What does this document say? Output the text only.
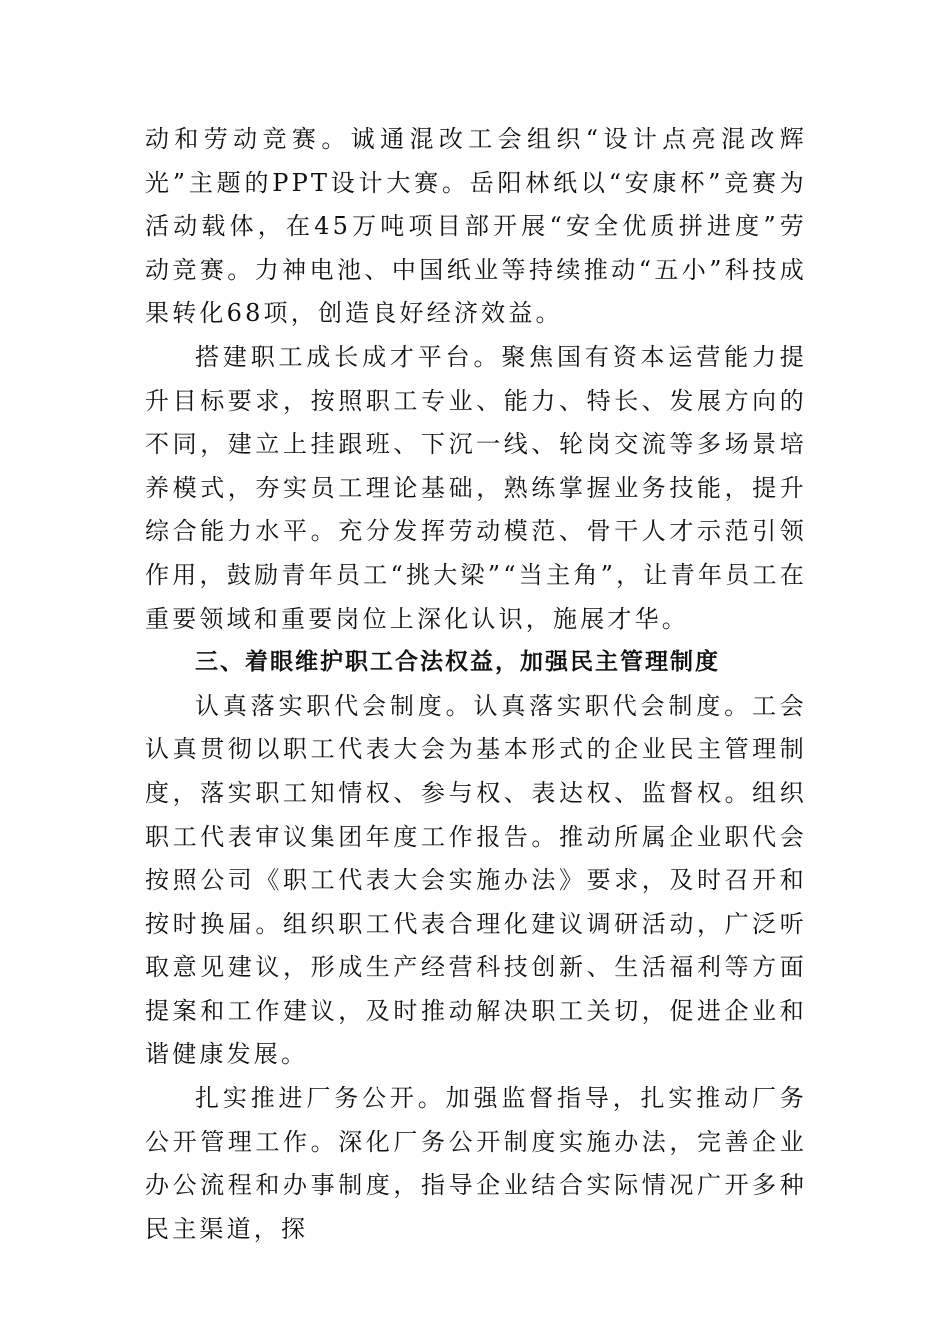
动和劳动竞赛。诚通混改工会组织“设计点亮混改辉光”主题的PPT设计大赛。岳阳林纸以“安康杯”竞赛为活动载体，在45万吨项目部开展“安全优质拼进度”劳动竞赛。力神电池、中国纸业等持续推动“五小”科技成果转化68项，创造良好经济效益。

搭建职工成长成才平台。聚焦国有资本运营能力提升目标要求，按照职工专业、能力、特长、发展方向的不同，建立上挂跟班、下沉一线、轮岗交流等多场景培养模式，夯实员工理论基础，熟练掌握业务技能，提升综合能力水平。充分发挥劳动模范、骨干人才示范引领作用，鼓励青年员工“挑大梁”“当主角”，让青年员工在重要领域和重要岗位上深化认识，施展才华。

三、着眼维护职工合法权益，加强民主管理制度

认真落实职代会制度。认真落实职代会制度。工会认真贯彻以职工代表大会为基本形式的企业民主管理制度，落实职工知情权、参与权、表达权、监督权。组织职工代表审议集团年度工作报告。推动所属企业职代会按照公司《职工代表大会实施办法》要求，及时召开和按时换届。组织职工代表合理化建议调研活动，广泛听取意见建议，形成生产经营科技创新、生活福利等方面提案和工作建议，及时推动解决职工关切，促进企业和谐健康发展。

扎实推进厂务公开。加强监督指导，扎实推动厂务公开管理工作。深化厂务公开制度实施办法，完善企业办公流程和办事制度，指导企业结合实际情况广开多种民主渠道，探
